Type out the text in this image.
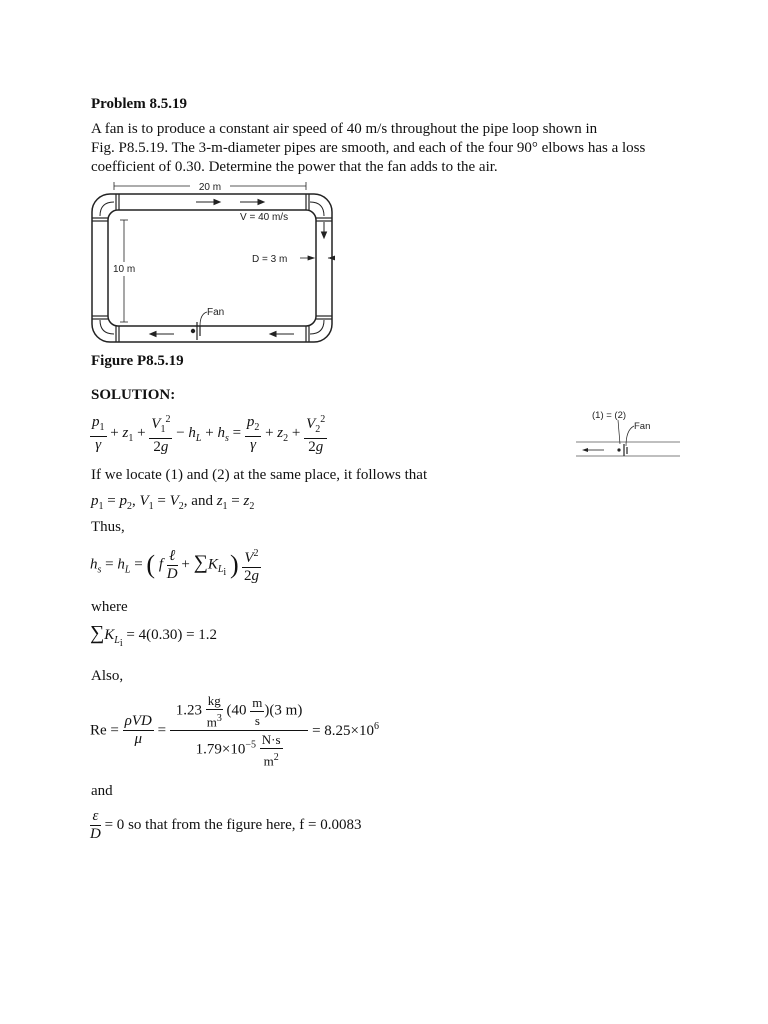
Problem 8.5.19
A fan is to produce a constant air speed of 40 m/s throughout the pipe loop shown in
Fig. P8.5.19. The 3-m-diameter pipes are smooth, and each of the four 90° elbows has a loss
coefficient of 0.30. Determine the power that the fan adds to the air.
20 m
V = 40 m/s
10 m
D = 3 m
Fan
Figure P8.5.19
SOLUTION:
$\frac{p_1}{\gamma} + z_1 + \frac{V_1^2}{2g} - h_L + h_s = \frac{p_2}{\gamma} + z_2 + \frac{V_2^2}{2g}$	(1) = (2)
Fan
If we locate (1) and (2) at the same place, it follows that
$p_1 = p_2$, $V_1 = V_2$, and $z_1 = z_2$
Thus,
$h_s = h_L$ = ( f $\frac{\text{ℓ}}{D} + \sum K_{L_i}$ ) $\frac{V^2}{2g}$
where
$\sum K_{L_i} = 4(0.30) = 1.2$
Also,
$Re = \frac{\text{ρVD}}{\mu} = \frac{1.23 \frac{kg}{m^3} (40 \frac{m}{s} )(3 m)}{1.79\times 10^{-5} \frac{N\cdot s}{m^2}} = 8.25\times 10^6$
and
$\frac{\varepsilon}{D} = 0$ so that from the figure here, f = 0.0083
